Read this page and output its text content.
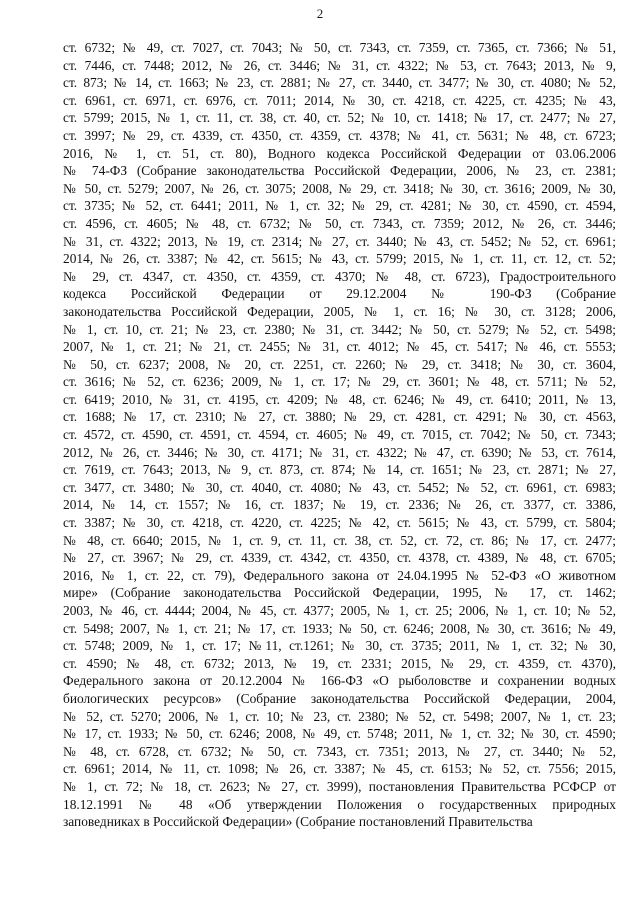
2
ст. 6732; № 49, ст. 7027, ст. 7043; № 50, ст. 7343, ст. 7359, ст. 7365, ст. 7366; № 51,
ст. 7446, ст. 7448; 2012, № 26, ст. 3446; № 31, ст. 4322; № 53, ст. 7643; 2013, № 9,
ст. 873; № 14, ст. 1663; № 23, ст. 2881; № 27, ст. 3440, ст. 3477; № 30, ст. 4080; № 52,
ст. 6961, ст. 6971, ст. 6976, ст. 7011; 2014, № 30, ст. 4218, ст. 4225, ст. 4235; № 43,
ст. 5799; 2015, № 1, ст. 11, ст. 38, ст. 40, ст. 52; № 10, ст. 1418; № 17, ст. 2477; № 27,
ст. 3997; № 29, ст. 4339, ст. 4350, ст. 4359, ст. 4378; № 41, ст. 5631; № 48, ст. 6723;
2016, № 1, ст. 51, ст. 80), Водного кодекса Российской Федерации от 03.06.2006
№ 74-ФЗ (Собрание законодательства Российской Федерации, 2006, № 23, ст. 2381;
№ 50, ст. 5279; 2007, № 26, ст. 3075; 2008, № 29, ст. 3418; № 30, ст. 3616; 2009, № 30,
ст. 3735; № 52, ст. 6441; 2011, № 1, ст. 32; № 29, ст. 4281; № 30, ст. 4590, ст. 4594,
ст. 4596, ст. 4605; № 48, ст. 6732; № 50, ст. 7343, ст. 7359; 2012, № 26, ст. 3446;
№ 31, ст. 4322; 2013, № 19, ст. 2314; № 27, ст. 3440; № 43, ст. 5452; № 52, ст. 6961;
2014, № 26, ст. 3387; № 42, ст. 5615; № 43, ст. 5799; 2015, № 1, ст. 11, ст. 12, ст. 52;
№ 29, ст. 4347, ст. 4350, ст. 4359, ст. 4370; № 48, ст. 6723), Градостроительного
кодекса Российской Федерации от 29.12.2004 № 190-ФЗ (Собрание
законодательства Российской Федерации, 2005, № 1, ст. 16; № 30, ст. 3128; 2006,
№ 1, ст. 10, ст. 21; № 23, ст. 2380; № 31, ст. 3442; № 50, ст. 5279; № 52, ст. 5498;
2007, № 1, ст. 21; № 21, ст. 2455; № 31, ст. 4012; № 45, ст. 5417; № 46, ст. 5553;
№ 50, ст. 6237; 2008, № 20, ст. 2251, ст. 2260; № 29, ст. 3418; № 30, ст. 3604,
ст. 3616; № 52, ст. 6236; 2009, № 1, ст. 17; № 29, ст. 3601; № 48, ст. 5711; № 52,
ст. 6419; 2010, № 31, ст. 4195, ст. 4209; № 48, ст. 6246; № 49, ст. 6410; 2011, № 13,
ст. 1688; № 17, ст. 2310; № 27, ст. 3880; № 29, ст. 4281, ст. 4291; № 30, ст. 4563,
ст. 4572, ст. 4590, ст. 4591, ст. 4594, ст. 4605; № 49, ст. 7015, ст. 7042; № 50, ст. 7343;
2012, № 26, ст. 3446; № 30, ст. 4171; № 31, ст. 4322; № 47, ст. 6390; № 53, ст. 7614,
ст. 7619, ст. 7643; 2013, № 9, ст. 873, ст. 874; № 14, ст. 1651; № 23, ст. 2871; № 27,
ст. 3477, ст. 3480; № 30, ст. 4040, ст. 4080; № 43, ст. 5452; № 52, ст. 6961, ст. 6983;
2014, № 14, ст. 1557; № 16, ст. 1837; № 19, ст. 2336; № 26, ст. 3377, ст. 3386,
ст. 3387; № 30, ст. 4218, ст. 4220, ст. 4225; № 42, ст. 5615; № 43, ст. 5799, ст. 5804;
№ 48, ст. 6640; 2015, № 1, ст. 9, ст. 11, ст. 38, ст. 52, ст. 72, ст. 86; № 17, ст. 2477;
№ 27, ст. 3967; № 29, ст. 4339, ст. 4342, ст. 4350, ст. 4378, ст. 4389, № 48, ст. 6705;
2016, № 1, ст. 22, ст. 79), Федерального закона от 24.04.1995 № 52-ФЗ «О животном
мире» (Собрание законодательства Российской Федерации, 1995, № 17, ст. 1462;
2003, № 46, ст. 4444; 2004, № 45, ст. 4377; 2005, № 1, ст. 25; 2006, № 1, ст. 10; № 52,
ст. 5498; 2007, № 1, ст. 21; № 17, ст. 1933; № 50, ст. 6246; 2008, № 30, ст. 3616; № 49,
ст. 5748; 2009, № 1, ст. 17; №11, ст.1261; № 30, ст. 3735; 2011, № 1, ст. 32; № 30,
ст. 4590; № 48, ст. 6732; 2013, № 19, ст. 2331; 2015, № 29, ст. 4359, ст. 4370),
Федерального закона от 20.12.2004 № 166-ФЗ «О рыболовстве и сохранении водных
биологических ресурсов» (Собрание законодательства Российской Федерации, 2004,
№ 52, ст. 5270; 2006, № 1, ст. 10; № 23, ст. 2380; № 52, ст. 5498; 2007, № 1, ст. 23;
№ 17, ст. 1933; № 50, ст. 6246; 2008, № 49, ст. 5748; 2011, № 1, ст. 32; № 30, ст. 4590;
№ 48, ст. 6728, ст. 6732; № 50, ст. 7343, ст. 7351; 2013, № 27, ст. 3440; № 52,
ст. 6961; 2014, № 11, ст. 1098; № 26, ст. 3387; № 45, ст. 6153; № 52, ст. 7556; 2015,
№ 1, ст. 72; № 18, ст. 2623; № 27, ст. 3999), постановления Правительства РСФСР от
18.12.1991 № 48 «Об утверждении Положения о государственных природных
заповедниках в Российской Федерации» (Собрание постановлений Правительства
